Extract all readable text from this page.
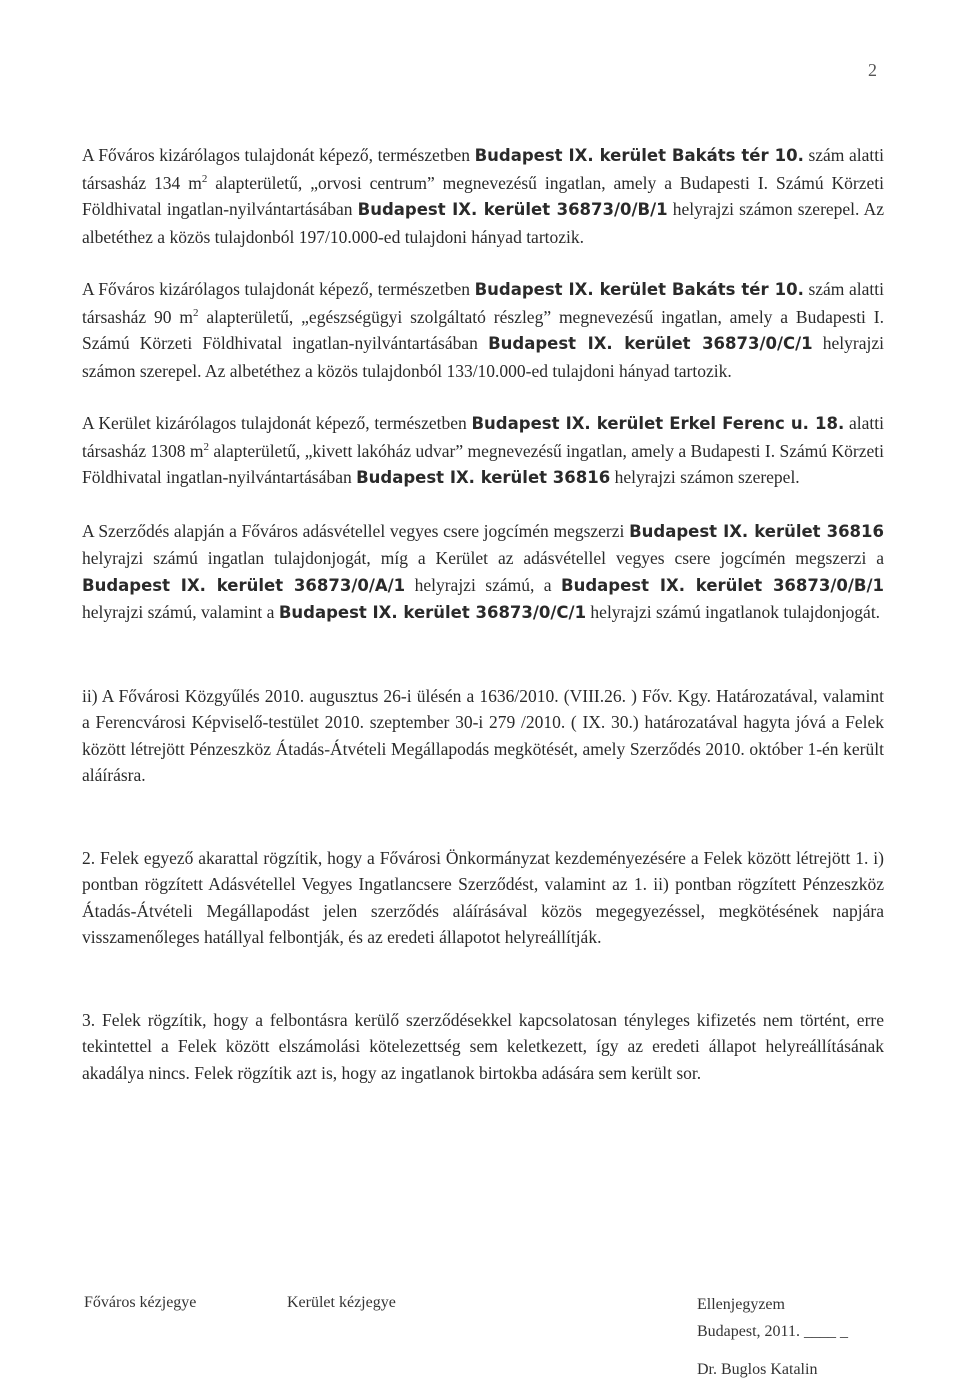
2

A Főváros kizárólagos tulajdonát képező, természetben Budapest IX. kerület Bakáts tér 10. szám alatti társasház 134 $m^2$ alapterületű, „orvosi centrum” megnevezésű ingatlan, amely a Budapesti I. Számú Körzeti Földhivatal ingatlan-nyilvántartásában Budapest IX. kerület 36873/0/B/1 helyrajzi számon szerepel. Az albetéthez a közös tulajdonból 197/10.000-ed tulajdoni hányad tartozik.

A Főváros kizárólagos tulajdonát képező, természetben Budapest IX. kerület Bakáts tér 10. szám alatti társasház 90 $m^2$ alapterületű, „egészségügyi szolgáltató részleg” megnevezésű ingatlan, amely a Budapesti I. Számú Körzeti Földhivatal ingatlan-nyilvántartásában Budapest IX. kerület 36873/0/C/1 helyrajzi számon szerepel. Az albetéthez a közös tulajdonból 133/10.000-ed tulajdoni hányad tartozik.

A Kerület kizárólagos tulajdonát képező, természetben Budapest IX. kerület Erkel Ferenc u. 18. alatti társasház 1308 $m^2$ alapterületű, „kivett lakóház udvar” megnevezésű ingatlan, amely a Budapesti I. Számú Körzeti Földhivatal ingatlan-nyilvántartásában Budapest IX. kerület 36816 helyrajzi számon szerepel.

A Szerződés alapján a Főváros adásvétellel vegyes csere jogcímén megszerzi Budapest IX. kerület 36816 helyrajzi számú ingatlan tulajdonjogát, míg a Kerület az adásvétellel vegyes csere jogcímén megszerzi a Budapest IX. kerület 36873/0/A/1 helyrajzi számú, a Budapest IX. kerület 36873/0/B/1 helyrajzi számú, valamint a Budapest IX. kerület 36873/0/C/1 helyrajzi számú ingatlanok tulajdonjogát.

ii) A Fővárosi Közgyűlés 2010. augusztus 26-i ülésén a 1636/2010. (VIII.26. ) Főv. Kgy. Határozatával, valamint a Ferencvárosi Képviselő-testület 2010. szeptember 30-i 279 /2010. ( IX. 30.) határozatával hagyta jóvá a Felek között létrejött Pénzeszköz Átadás-Átvételi Megállapodás megkötését, amely Szerződés 2010. október 1-én került aláírásra.

2. Felek egyező akarattal rögzítik, hogy a Fővárosi Önkormányzat kezdeményezésére a Felek között létrejött 1. i) pontban rögzített Adásvétellel Vegyes Ingatlancsere Szerződést, valamint az 1. ii) pontban rögzített Pénzeszköz Átadás-Átvételi Megállapodást jelen szerződés aláírásával közös megegyezéssel, megkötésének napjára visszamenőleges hatállyal felbontják, és az eredeti állapotot helyreállítják.

3. Felek rögzítik, hogy a felbontásra kerülő szerződésekkel kapcsolatosan tényleges kifizetés nem történt, erre tekintettel a Felek között elszámolási kötelezettség sem keletkezett, így az eredeti állapot helyreállításának akadálya nincs. Felek rögzítik azt is, hogy az ingatlanok birtokba adására sem került sor.

Főváros kézjegye	Kerület kézjegye	Ellenjegyzem
Budapest, 2011. ____ _
Dr. Buglos Katalin
